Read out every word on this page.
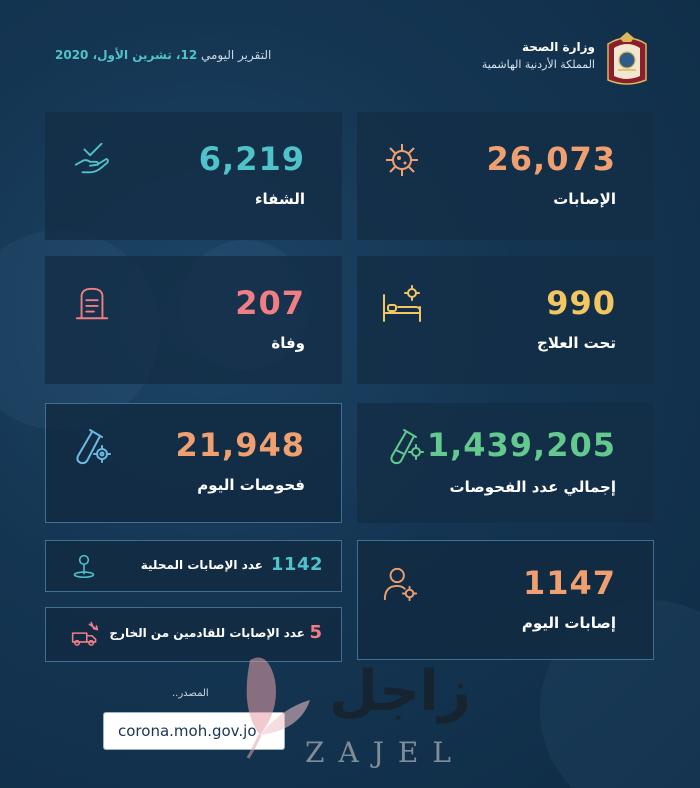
وزارة الصحة
المملكة الأردنية الهاشمية
التقرير اليومي 12، تشرين الأول، 2020
26,073
الإصابات
6,219
الشفاء
990
تحت العلاج
207
وفاة
1,439,205
إجمالي عدد الفحوصات
21,948
فحوصات اليوم
1147
إصابات اليوم
1142
عدد الإصابات المحلية
5
عدد الإصابات للقادمين من الخارج
المصدر..
corona.moh.gov.jo
زاجل
ZAJEL
